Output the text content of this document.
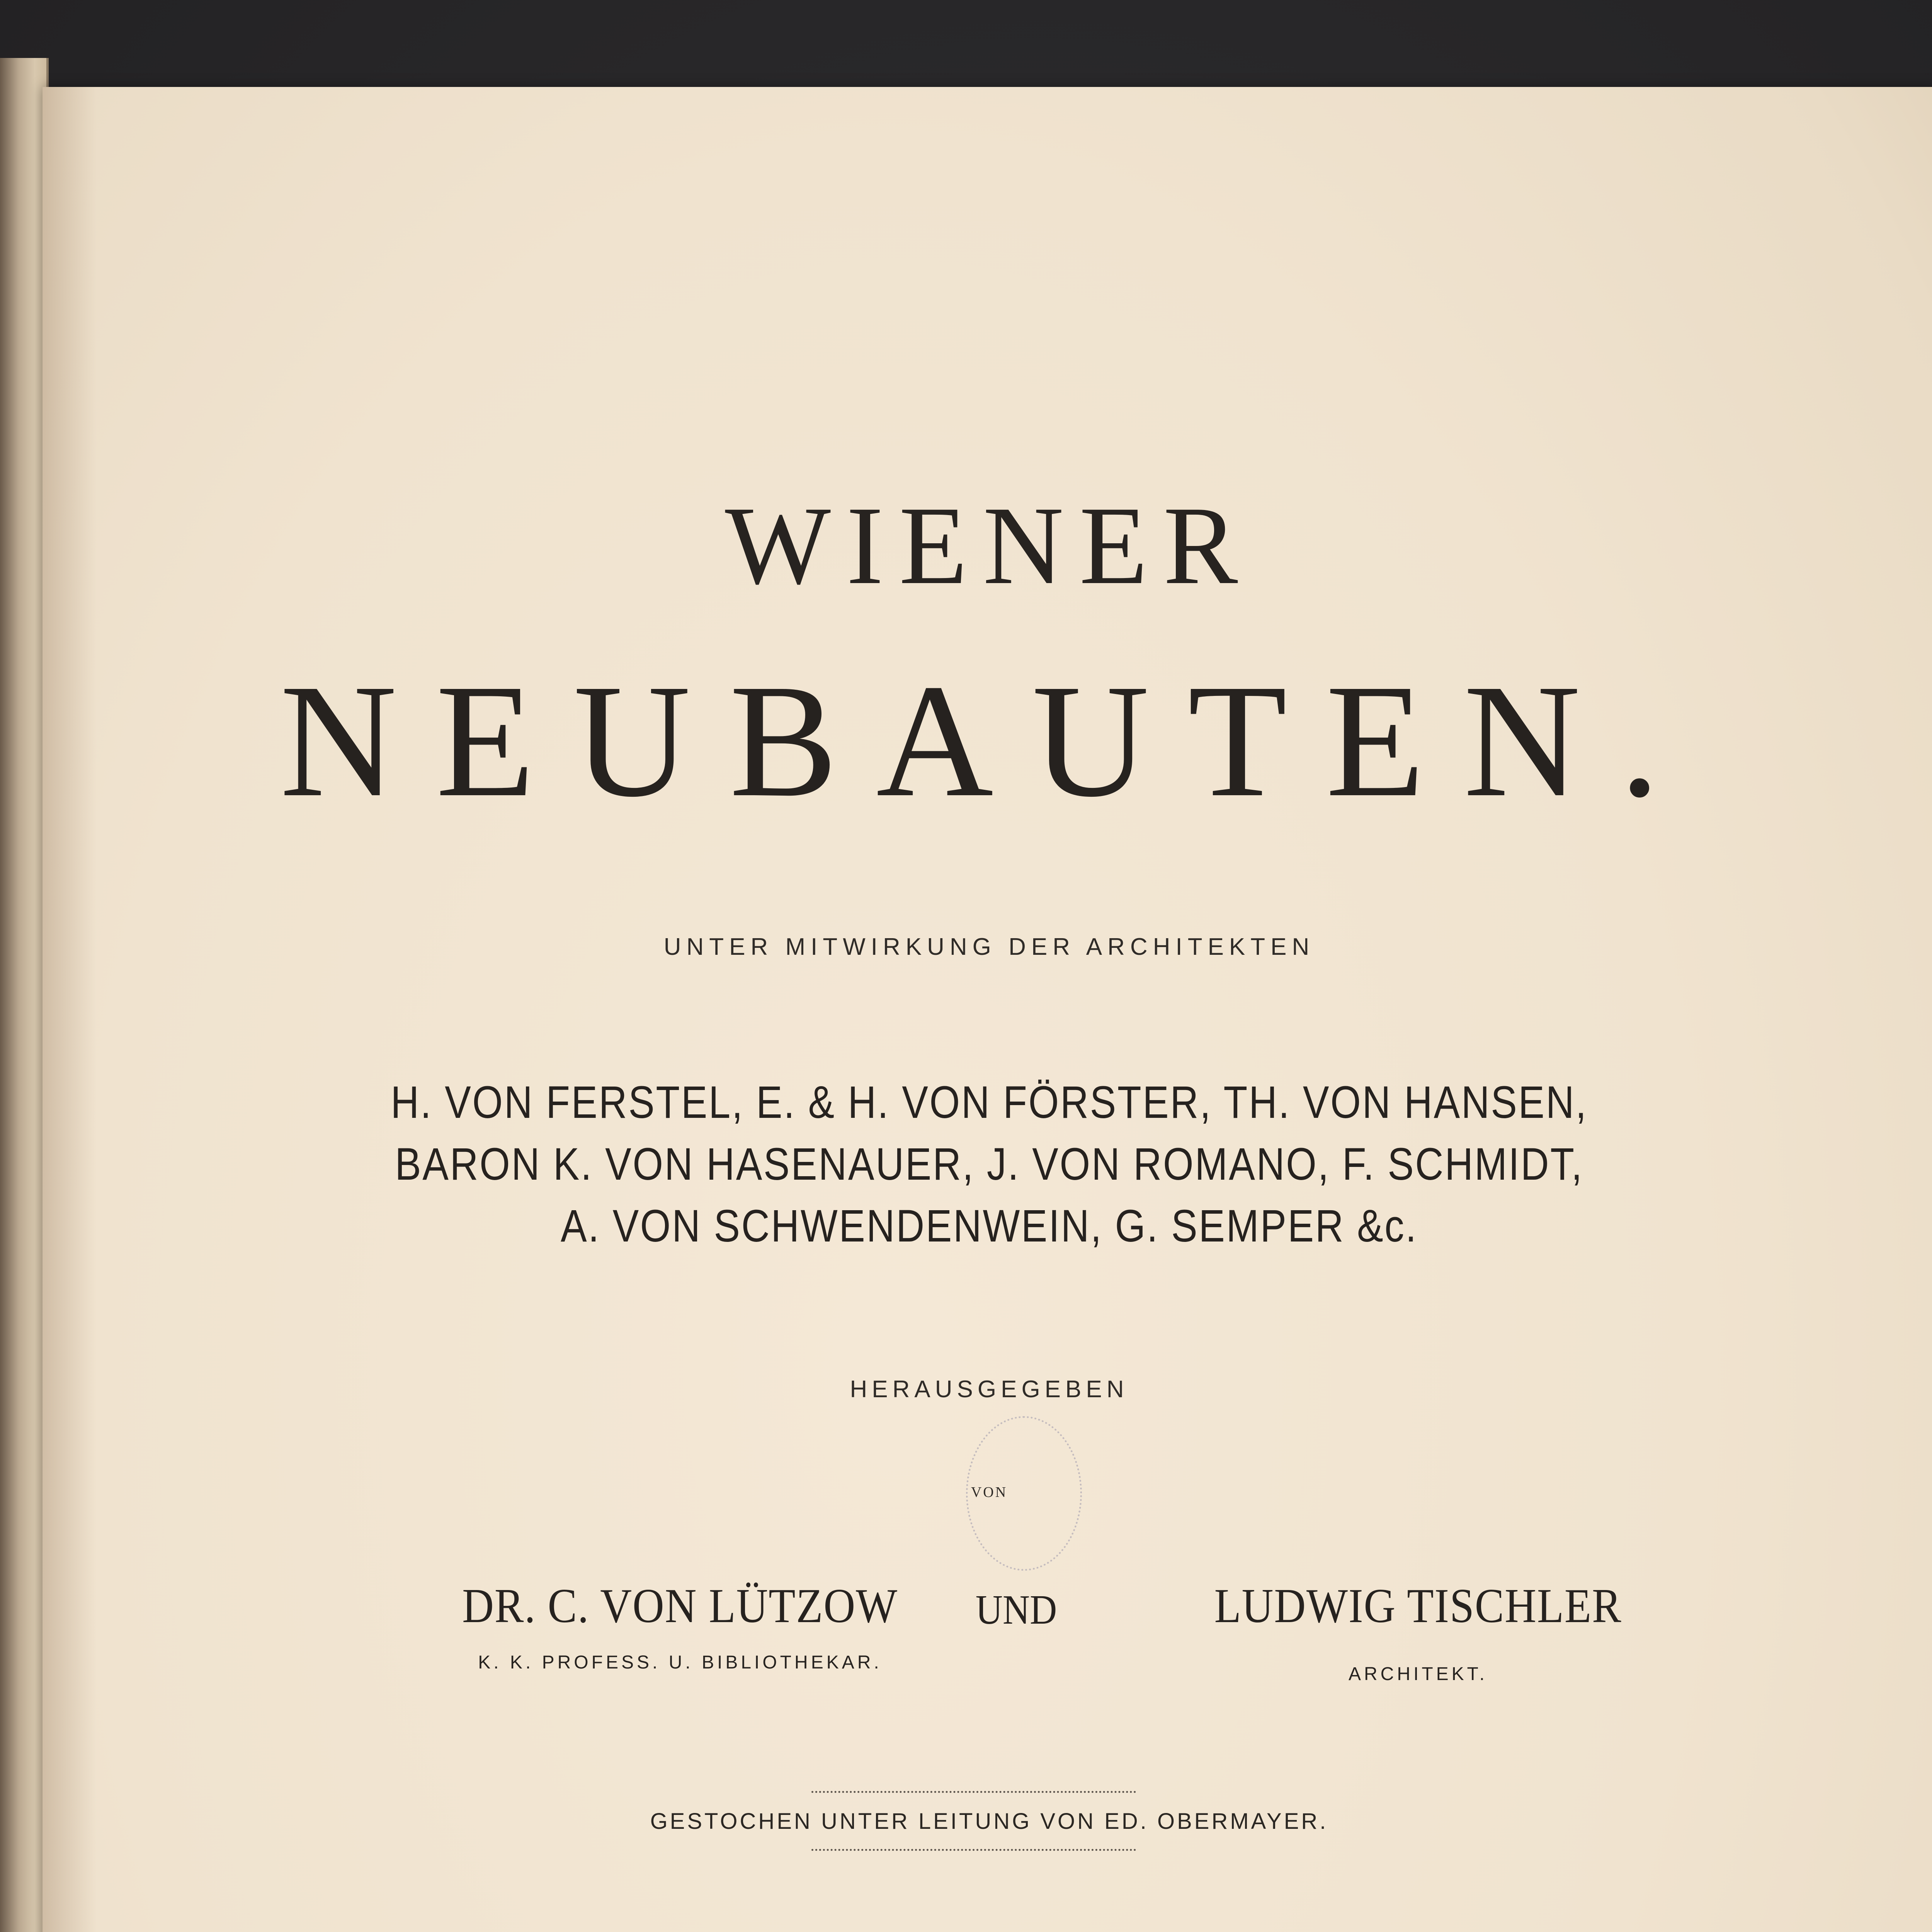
WIENER
NEUBAUTEN.
UNTER MITWIRKUNG DER ARCHITEKTEN
H. VON FERSTEL, E. & H. VON FÖRSTER, TH. VON HANSEN,
BARON K. VON HASENAUER, J. VON ROMANO, F. SCHMIDT,
A. VON SCHWENDENWEIN, G. SEMPER &c.
HERAUSGEGEBEN
VON
DR. C. VON LÜTZOW
K. K. PROFESS. U. BIBLIOTHEKAR.
UND	LUDWIG TISCHLER
ARCHITEKT.
GESTOCHEN UNTER LEITUNG VON ED. OBERMAYER.
